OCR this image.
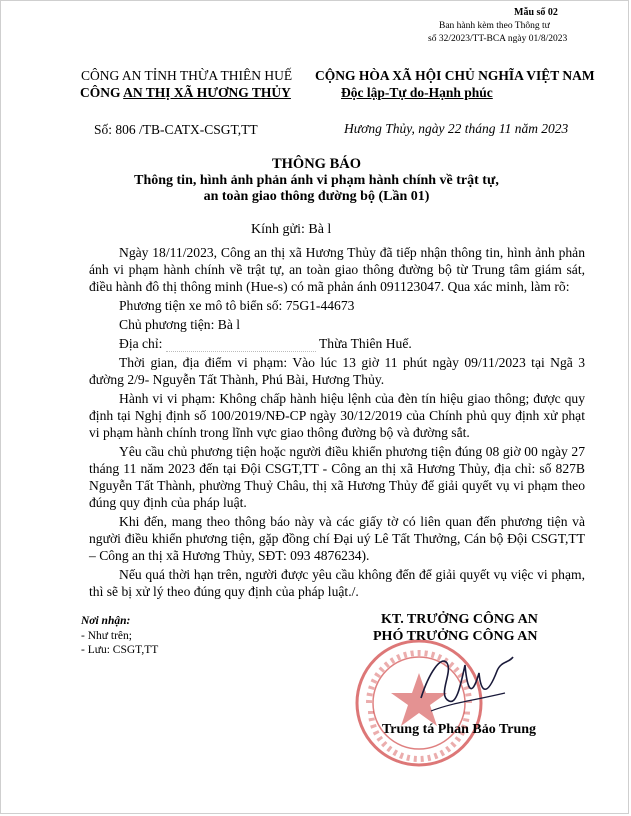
Mẫu số 02
Ban hành kèm theo Thông tư
số 32/2023/TT-BCA ngày 01/8/2023
CÔNG AN TỈNH THỪA THIÊN HUẾ
CÔNG AN THỊ XÃ HƯƠNG THỦY
CỘNG HÒA XÃ HỘI CHỦ NGHĨA VIỆT NAM
Độc lập-Tự do-Hạnh phúc
Số: 806 /TB-CATX-CSGT,TT	Hương Thủy, ngày 22 tháng 11 năm 2023
THÔNG BÁO
Thông tin, hình ảnh phản ánh vi phạm hành chính về trật tự,
an toàn giao thông đường bộ (Lần 01)
Kính gửi: Bà l

Ngày 18/11/2023, Công an thị xã Hương Thủy đã tiếp nhận thông tin, hình ảnh phản ánh vi phạm hành chính về trật tự, an toàn giao thông đường bộ từ Trung tâm giám sát, điều hành đô thị thông minh (Hue-s) có mã phản ánh 091123047. Qua xác minh, làm rõ:

Phương tiện xe mô tô biển số: 75G1-44673

Chủ phương tiện: Bà l

Địa chỉ:	Thừa Thiên Huế.

Thời gian, địa điểm vi phạm: Vào lúc 13 giờ 11 phút ngày 09/11/2023 tại Ngã 3 đường 2/9- Nguyễn Tất Thành, Phú Bài, Hương Thủy.

Hành vi vi phạm: Không chấp hành hiệu lệnh của đèn tín hiệu giao thông; được quy định tại Nghị định số 100/2019/NĐ-CP ngày 30/12/2019 của Chính phủ quy định xử phạt vi phạm hành chính trong lĩnh vực giao thông đường bộ và đường sắt.

Yêu cầu chủ phương tiện hoặc người điều khiển phương tiện đúng 08 giờ 00 ngày 27 tháng 11 năm 2023 đến tại Đội CSGT,TT - Công an thị xã Hương Thủy, địa chỉ: số 827B Nguyễn Tất Thành, phường Thuỷ Châu, thị xã Hương Thủy để giải quyết vụ vi phạm theo đúng quy định của pháp luật.

Khi đến, mang theo thông báo này và các giấy tờ có liên quan đến phương tiện và người điều khiển phương tiện, gặp đồng chí Đại uý Lê Tất Thưởng, Cán bộ Đội CSGT,TT – Công an thị xã Hương Thủy, SĐT: 093 4876234).

Nếu quá thời hạn trên, người được yêu cầu không đến để giải quyết vụ việc vi phạm, thì sẽ bị xử lý theo đúng quy định của pháp luật./.

Nơi nhận:
- Như trên;
- Lưu: CSGT,TT
KT. TRƯỞNG CÔNG AN
PHÓ TRƯỞNG CÔNG AN
Trung tá Phan Bảo Trung
